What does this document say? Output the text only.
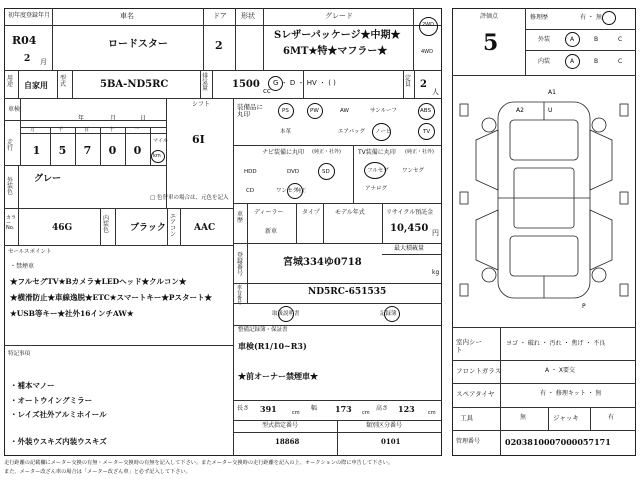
初年度登録年月	車名	ドア 形状	グレード
R04
2 月
ロードスター	2
Sレザーパッケージ★中期★
6MT★特★マフラー★
2WD
4WD
用途 自家用
型式	5BA-ND5RC
排気量 1500
cc
G ・ D ・ HV ・ ( )
定員 2
人
車検
年	月	日
シフト
6I
走行
万	千	百	十	一
1 5 7 0 0
マイル
km
外装色
グレー
□ 色替車の場合は、元色を記入
カラーNo.	46G
内装色 ブラック
エアコン
AAC
セールスポイント
★フルセグTV★Bカメラ★LEDヘッド★クルコン★
★横滑防止★車線逸脱★ETC★スマートキー★Pスタート★
★USB等キー★社外16インチAW★
特記事項
・禁煙車
・補本マノー
・オートウイングミラー
・レイズ社外アルミホイール
・外装ウスキズ内装ウスキズ
装備品に丸印	PS	PW	AW	サンルーフ	ABS
本革	エアバッグ ノーヒ	TV
ナビ装備に丸印 (純正・社外)
HDD	DVD	SD
CD	ワンセグ
純正
TV装備に丸印 (純正・社外)
フルセグ ワンセグ
アナログ
車歴
ディーラー
新車
タイプ	モデル年式	リサイクル預託金
10,450 円
登録番号
最大積載量
kg
宮城334ゆ0718
車台番号
ND5RC-651535
取扱説明書	記録簿
整備記録簿・保証書
車検(R1/10~R3)
★前オーナー禁煙車★
長さ 391	cm
幅 173 cm
高さ 123	cm
型式指定番号
18868
類別区分番号
0101
評価点
5
修理歴	有 ・ 無
外装	A	B	C
内装	A	B	C
A2	U
A1
P
室内シート
ヨゴ ・ 破れ ・ 汚れ ・ 焦げ ・ 不良
フロントガラス	A ・ X要交
スペアタイヤ	有 ・ 修理キット ・ 無
工具	無	ジャッキ	有
管理番号	0203810007000057171
走行距離の記載欄にメーター交換の有無・メーター交換時の有無を記入して下さい。またメーター交換時の走行距離を記入の上、オークションの際に申告して下さい。
また、メーター改ざん車の場合は「メーター改ざん車」と必ず記入して下さい。
